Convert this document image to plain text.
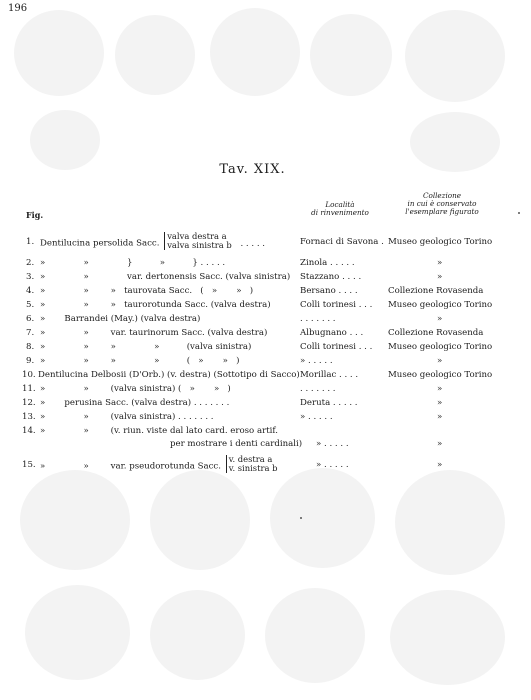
196
Tav. XIX.
Fig.
Località
di rinvenimento
Collezione
in cui è conservato
l'esemplare figurato
1. Dentilucina persolida Sacc. valva destra a
valva sinistra b . . . . .	Fornaci di Savona . Museo geologico Torino
2. »              »              }          »          } . . . . .	Zinola . . . . .	»
3. »              »              var. dertonensis Sacc. (valva sinistra) Stazzano . . . .	»
4. »              »        »   taurovata Sacc.   (   »       »   )	Bersano . . . .	Collezione Rovasenda
5. »              »        »   taurorotunda Sacc. (valva destra)	Colli torinesi . . . Museo geologico Torino
6. »       Barrandei (May.) (valva destra)	. . . . . . .	»
7. »              »        var. taurinorum Sacc. (valva destra)	Albugnano . . .	Collezione Rovasenda
8. »              »        »              »          (valva sinistra)	Colli torinesi . . . Museo geologico Torino
9. »              »        »              »          (   »       »   )	» . . . . .	»
10. Dentilucina Delbosii (D'Orb.) (v. destra) (Sottotipo di Sacco) Morillac . . . .	Museo geologico Torino
11. »              »        (valva sinistra) (   »       »   )	. . . . . . .	»
12. »       perusina Sacc. (valva destra) . . . . . . .	Deruta . . . . .	»
13. »              »        (valva sinistra) . . . . . . .	» . . . . .	»
14. »              »        (v. riun. viste dal lato card. eroso artif.
per mostrare i denti cardinali) » . . . . .	»
15. »              »        var. pseudorotunda Sacc. v. destra a
v. sinistra b	» . . . . .	»
